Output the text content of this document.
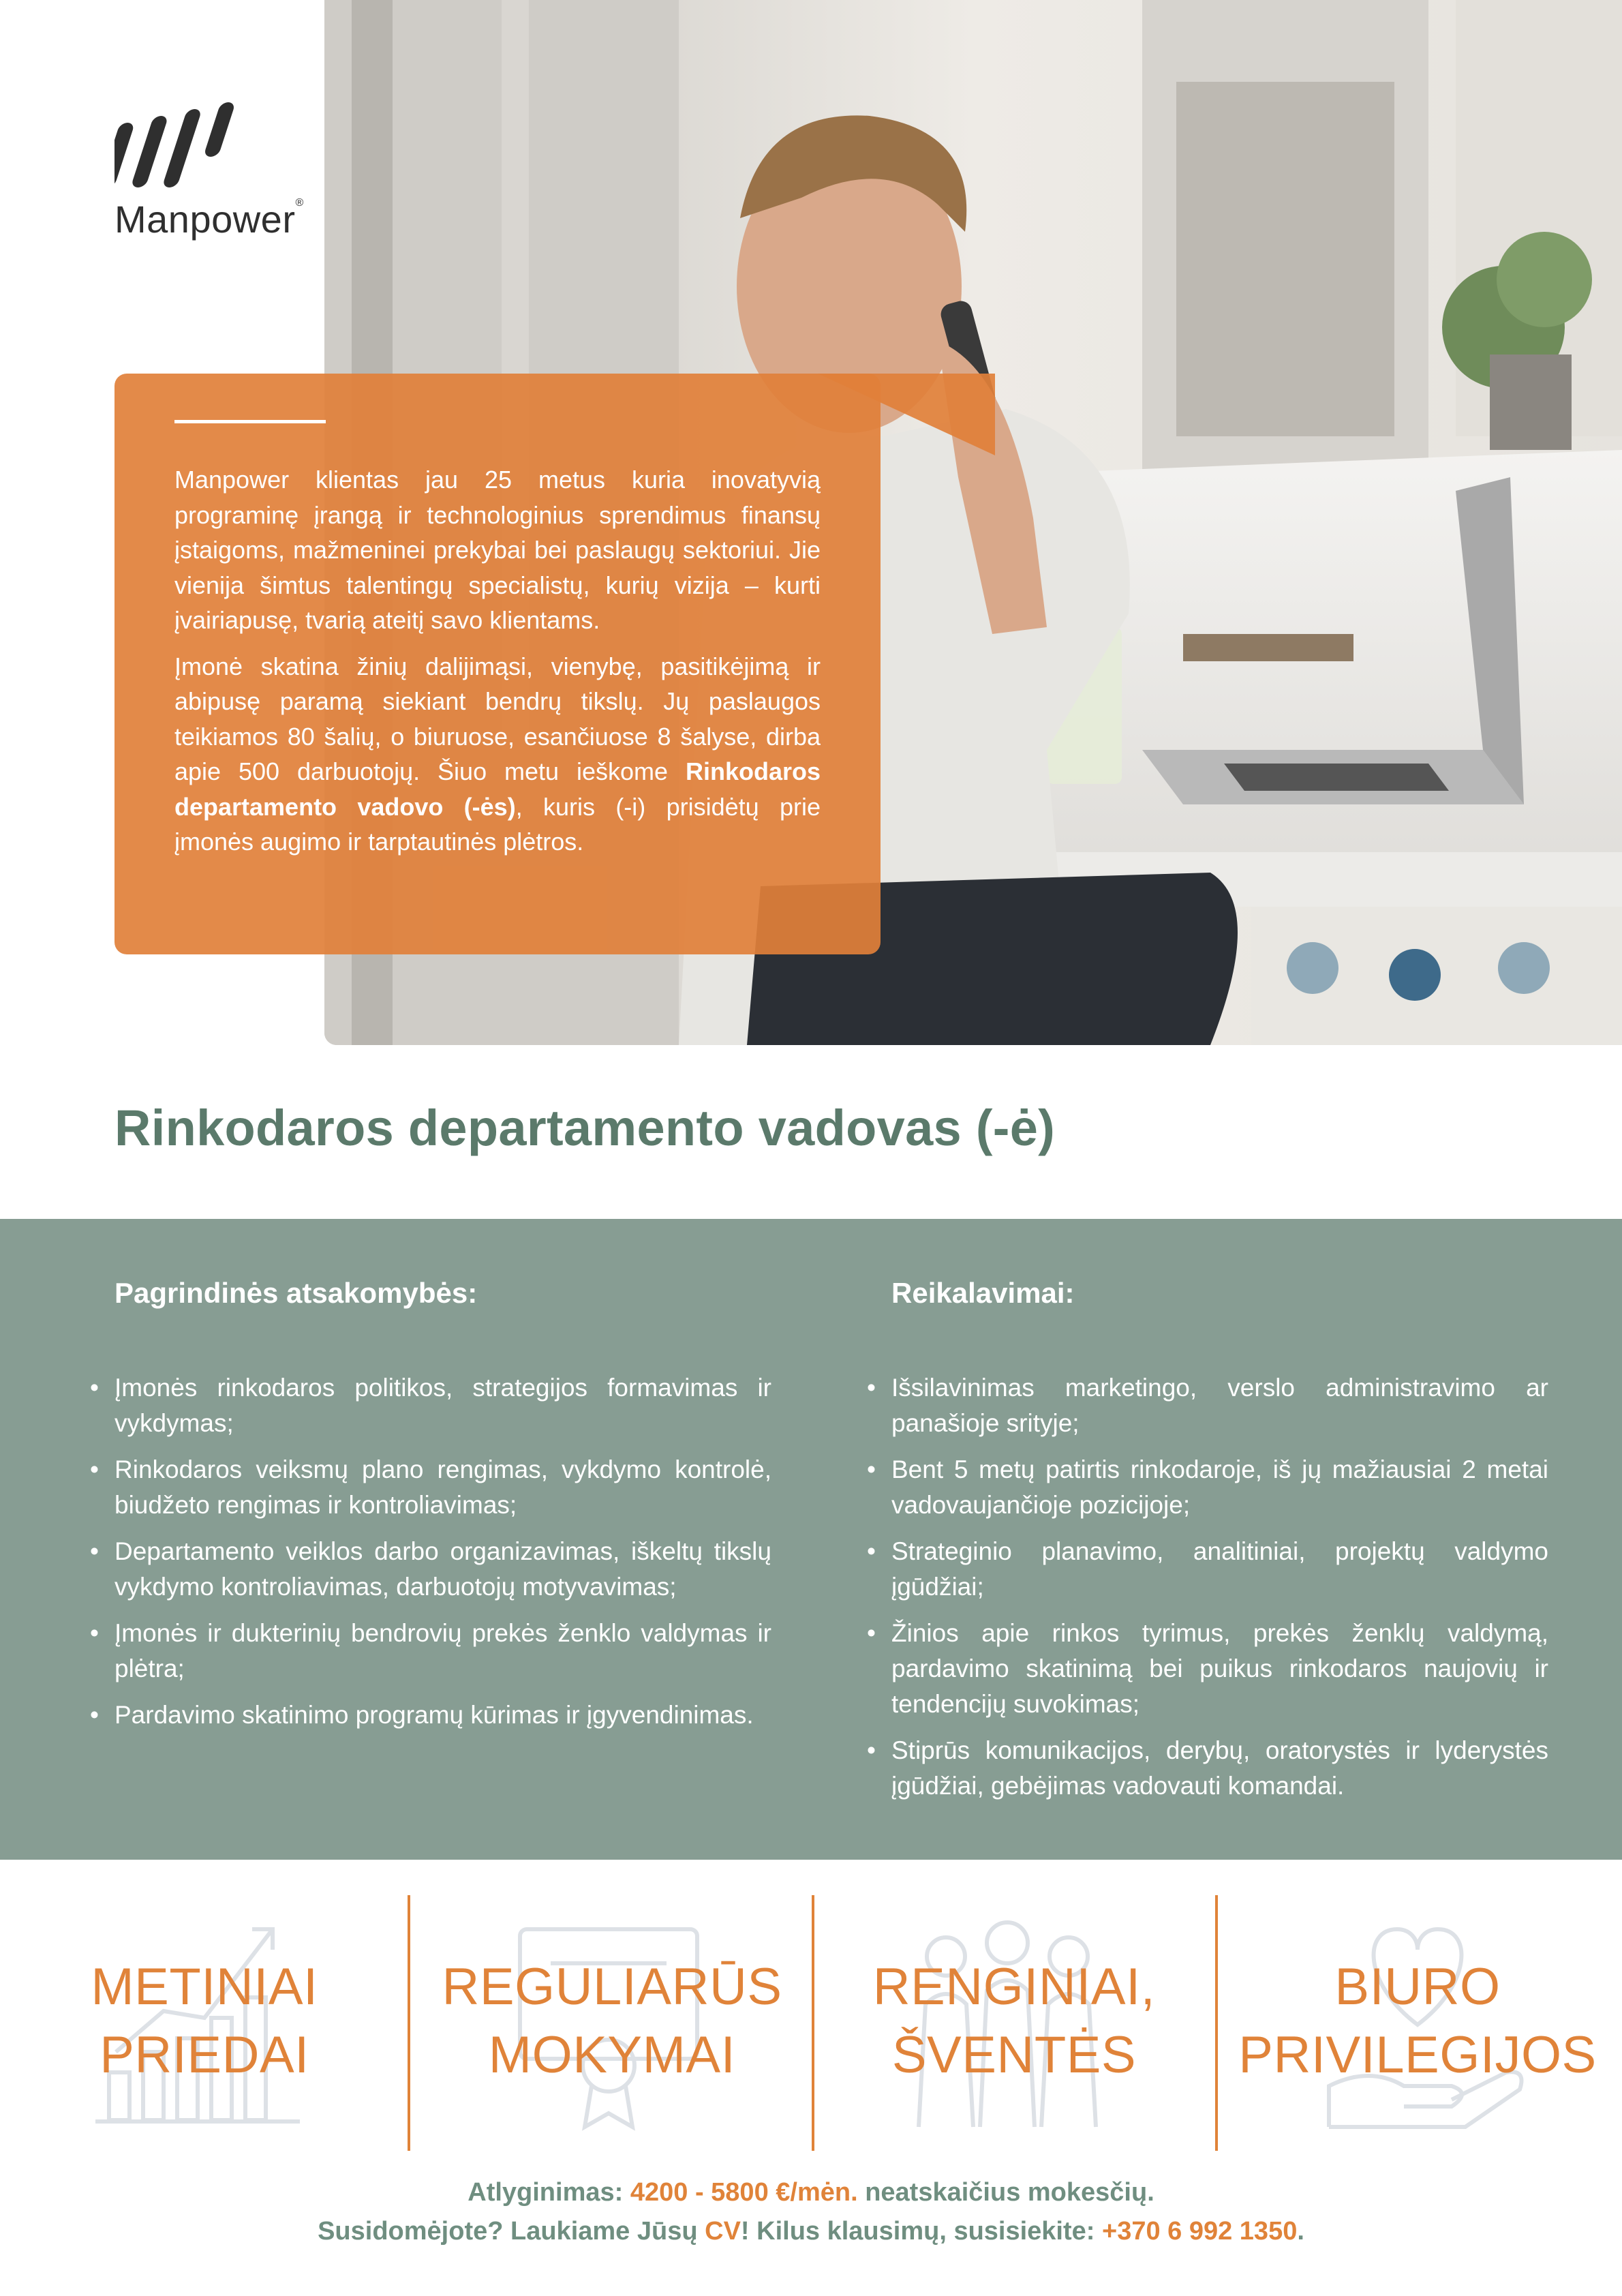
Manpower®

Manpower klientas jau 25 metus kuria inovatyvią programinę įrangą ir technologinius sprendimus finansų įstaigoms, mažmeninei prekybai bei paslaugų sektoriui. Jie vienija šimtus talentingų specialistų, kurių vizija – kurti įvairiapusę, tvarią ateitį savo klientams.

Įmonė skatina žinių dalijimąsi, vienybę, pasitikėjimą ir abipusę paramą siekiant bendrų tikslų. Jų paslaugos teikiamos 80 šalių, o biuruose, esančiuose 8 šalyse, dirba apie 500 darbuotojų. Šiuo metu ieškome Rinkodaros departamento vadovo (-ės), kuris (-i) prisidėtų prie įmonės augimo ir tarptautinės plėtros.

Rinkodaros departamento vadovas (-ė)
Pagrindinės atsakomybės:
• Įmonės rinkodaros politikos, strategijos formavimas ir vykdymas;
• Rinkodaros veiksmų plano rengimas, vykdymo kontrolė, biudžeto rengimas ir kontroliavimas;
• Departamento veiklos darbo organizavimas, iškeltų tikslų vykdymo kontroliavimas, darbuotojų motyvavimas;
• Įmonės ir dukterinių bendrovių prekės ženklo valdymas ir plėtra;
• Pardavimo skatinimo programų kūrimas ir įgyvendinimas.
Reikalavimai:
• Išsilavinimas marketingo, verslo administravimo ar panašioje srityje;
• Bent 5 metų patirtis rinkodaroje, iš jų mažiausiai 2 metai vadovaujančioje pozicijoje;
• Strateginio planavimo, analitiniai, projektų valdymo įgūdžiai;
• Žinios apie rinkos tyrimus, prekės ženklų valdymą, pardavimo skatinimą bei puikus rinkodaros naujovių ir tendencijų suvokimas;
• Stiprūs komunikacijos, derybų, oratorystės ir lyderystės įgūdžiai, gebėjimas vadovauti komandai.
METINIAI
PRIEDAI
REGULIARŪS
MOKYMAI
RENGINIAI,
ŠVENTĖS
BIURO
PRIVILEGIJOS
Atlyginimas: 4200 - 5800 €/mėn. neatskaičius mokesčių.
Susidomėjote? Laukiame Jūsų CV! Kilus klausimų, susisiekite: +370 6 992 1350.
